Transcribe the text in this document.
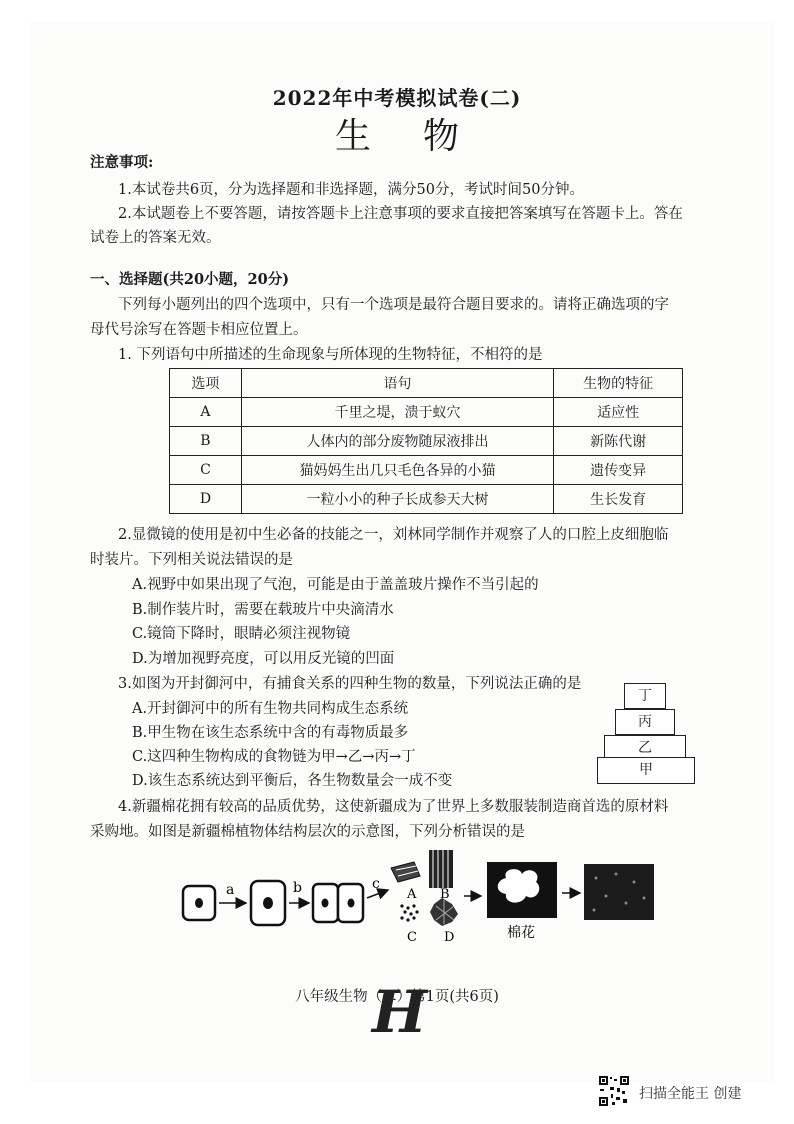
2022年中考模拟试卷(二)
生 物
注意事项:
1.本试卷共6页，分为选择题和非选择题，满分50分，考试时间50分钟。
2.本试题卷上不要答题，请按答题卡上注意事项的要求直接把答案填写在答题卡上。答在
试卷上的答案无效。
一、选择题(共20小题，20分)
下列每小题列出的四个选项中，只有一个选项是最符合题目要求的。请将正确选项的字
母代号涂写在答题卡相应位置上。
1. 下列语句中所描述的生命现象与所体现的生物特征，不相符的是
选项	语句	生物的特征
A	千里之堤，溃于蚁穴	适应性
B	人体内的部分废物随尿液排出	新陈代谢
C	猫妈妈生出几只毛色各异的小猫	遗传变异
D	一粒小小的种子长成参天大树	生长发育
2.显微镜的使用是初中生必备的技能之一，刘林同学制作并观察了人的口腔上皮细胞临
时装片。下列相关说法错误的是
A.视野中如果出现了气泡，可能是由于盖盖玻片操作不当引起的
B.制作装片时，需要在载玻片中央滴清水
C.镜筒下降时，眼睛必须注视物镜
D.为增加视野亮度，可以用反光镜的凹面
3.如图为开封御河中，有捕食关系的四种生物的数量，下列说法正确的是
A.开封御河中的所有生物共同构成生态系统
B.甲生物在该生态系统中含的有毒物质最多
C.这四种生物构成的食物链为甲→乙→丙→丁
D.该生态系统达到平衡后，各生物数量会一成不变
丁
丙
乙
甲
4.新疆棉花拥有较高的品质优势，这使新疆成为了世界上多数服装制造商首选的原材料
采购地。如图是新疆棉植物体结构层次的示意图，下列分析错误的是
a	b	c
A B
C D	棉花
八年级生物（二）第1页(共6页)
H
扫描全能王 创建
